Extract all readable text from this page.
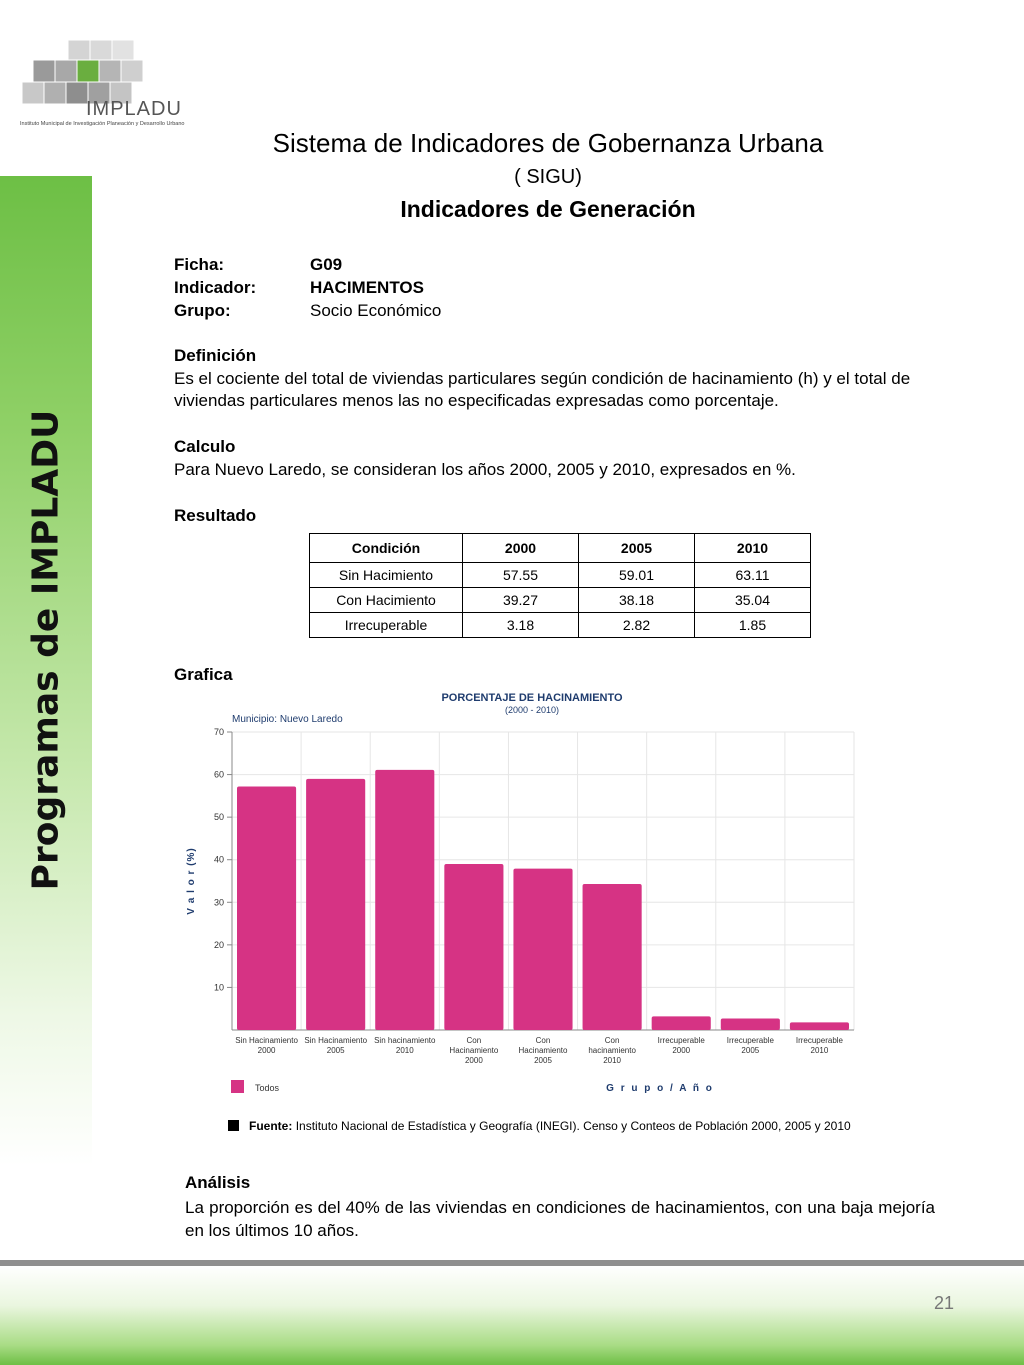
Programas de IMPLADU
IMPLADU
Instituto Municipal de Investigación Planeación y Desarrollo Urbano
Sistema de Indicadores de Gobernanza Urbana
( SIGU)
Indicadores de Generación
Ficha:	G09
Indicador:	HACIMENTOS
Grupo:	Socio Económico
Definición
Es el cociente del total de viviendas particulares según condición de hacinamiento (h) y el total de viviendas particulares menos las no especificadas expresadas como porcentaje.
Calculo
Para Nuevo Laredo, se consideran los años 2000, 2005 y 2010, expresados en %.
Resultado
Condición	2000	2005	2010
Sin Hacimiento	57.55	59.01	63.11
Con Hacimiento	39.27	38.18	35.04
Irrecuperable	3.18	2.82	1.85
Grafica
PORCENTAJE DE HACINAMIENTO
(2000 - 2010)
Municipio: Nuevo Laredo
10
20
30
40
50
60
70
Sin Hacinamiento
2000
Sin Hacinamiento
2005
Sin hacinamiento
2010
Con
Hacinamiento
2000
Con
Hacinamiento
2005
Con
hacinamiento
2010
Irrecuperable
2000
Irrecuperable
2005
Irrecuperable
2010
V a l o r (%)
G r u p o / A ñ o
Todos
Fuente: Instituto Nacional de Estadística y Geografía (INEGI). Censo y Conteos de Población 2000, 2005 y 2010
Análisis
La proporción es del 40% de las viviendas en condiciones de hacinamientos, con una baja mejoría en los últimos 10 años.
21
